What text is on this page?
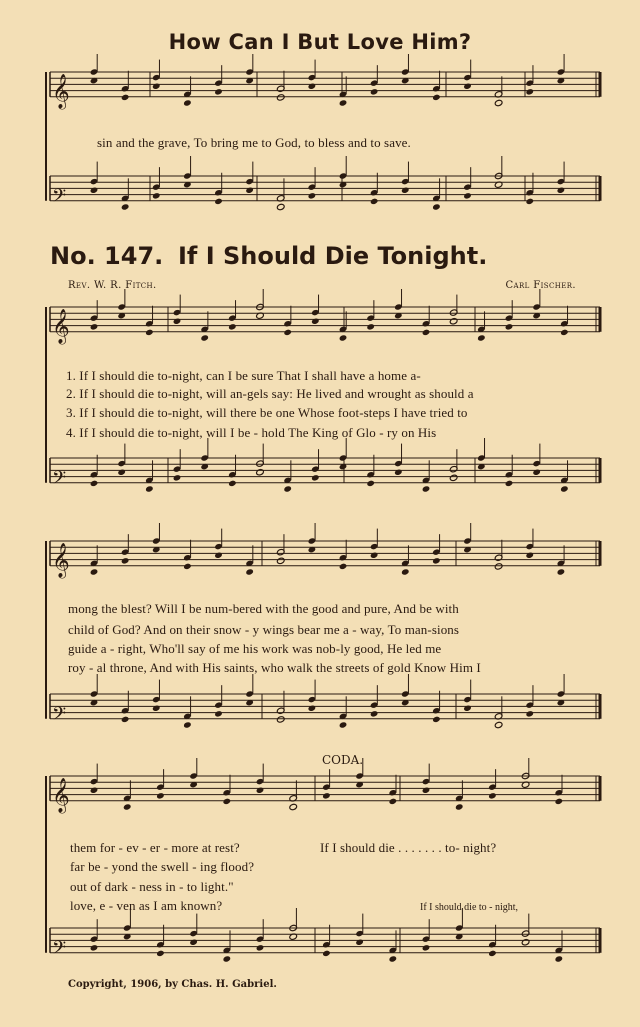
𝄞
𝄢
𝄞
𝄢
𝄞
𝄢
𝄞
𝄢
How Can I But Love Him?
sin and the grave, To bring me to God, to bless and to save.
No. 147. If I Should Die Tonight.
Rev. W. R. Fitch.	Carl Fischer.
1. If I should die to-night, can I be sure That I shall have a home a-
2. If I should die to-night, will an-gels say: He lived and wrought as should a
3. If I should die to-night, will there be one Whose foot-steps I have tried to
4. If I should die to-night, will I be - hold The King of Glo - ry on His
mong the blest? Will I be num-bered with the good and pure, And be with
child of God? And on their snow - y wings bear me a - way, To man-sions
guide a - right, Who'll say of me his work was nob-ly good, He led me
roy - al throne, And with His saints, who walk the streets of gold Know Him I
CODA.
them for - ev - er - more at rest?
far be - yond the swell - ing flood?
out of dark - ness in - to light."
love, e - ven as I am known?
If I should die . . . . . . . to- night?
If I should die to - night,
Copyright, 1906, by Chas. H. Gabriel.
